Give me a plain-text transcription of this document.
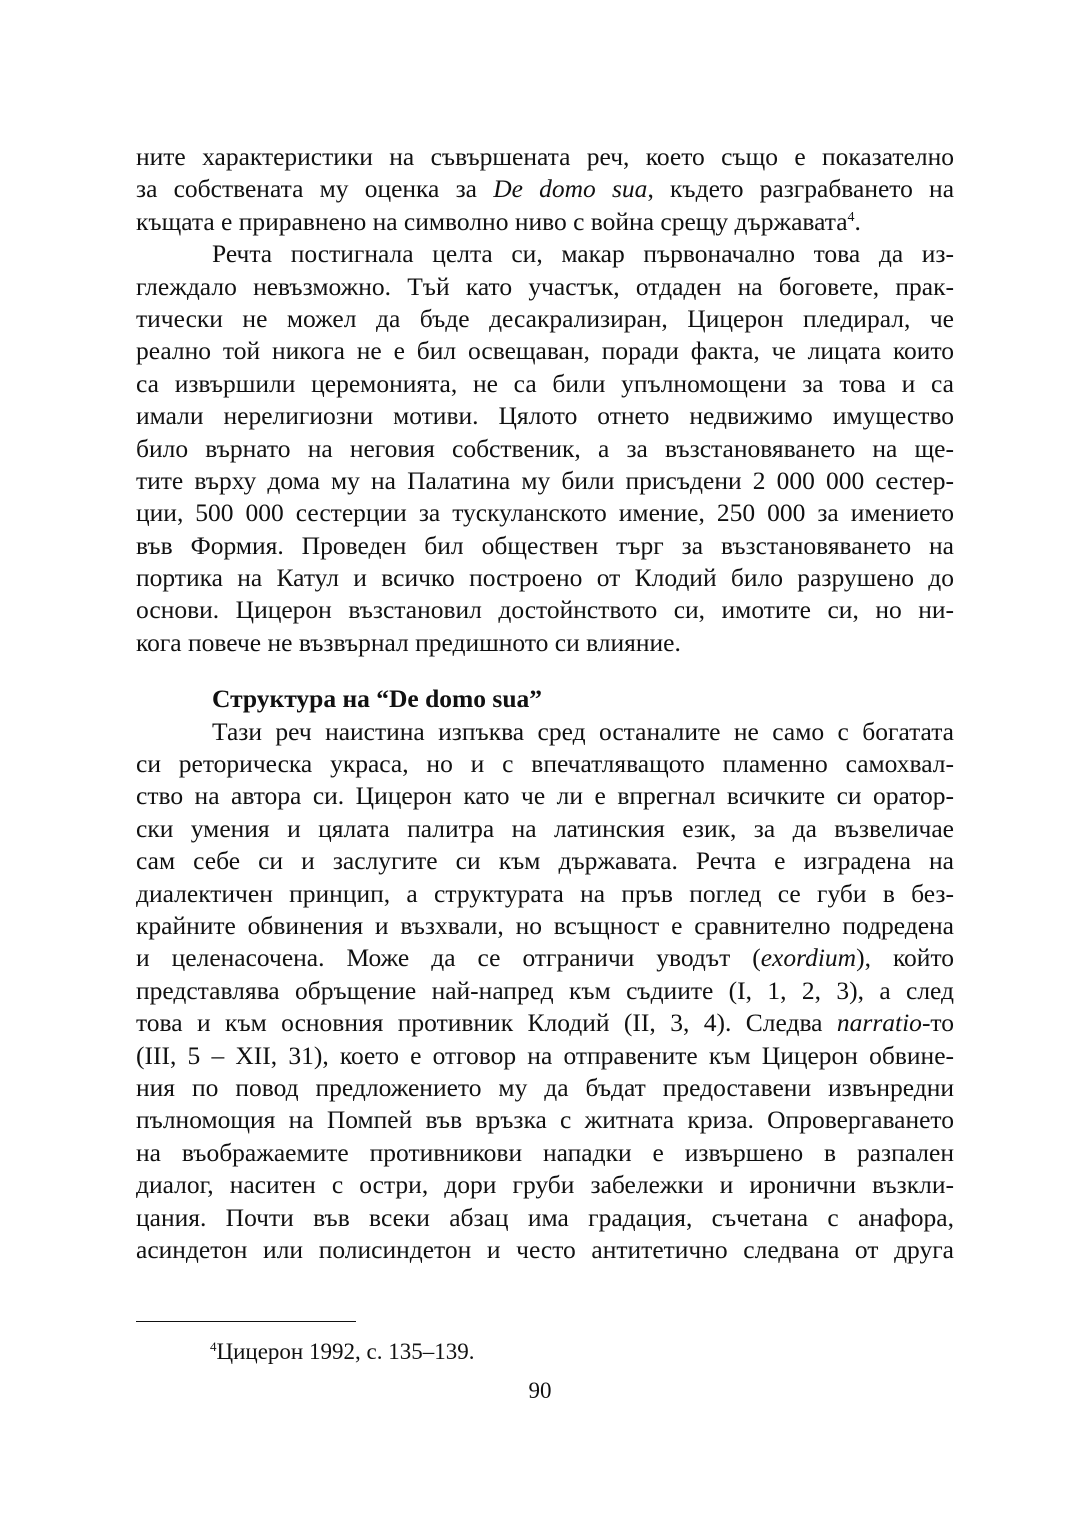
ните характеристики на съвършената реч, което също е показателно
за собствената му оценка за De domo sua, където разграбването на
къщата е приравнено на символно ниво с война срещу държавата$^4$.
Речта постигнала целта си, макар първоначално това да из-
глеждало невъзможно. Тъй като участък, отдаден на боговете, прак-
тически не можел да бъде десакрализиран, Цицерон пледирал, че
реално той никога не е бил освещаван, поради факта, че лицата които
са извършили церемонията, не са били упълномощени за това и са
имали нерелигиозни мотиви. Цялото отнето недвижимо имущество
било върнато на неговия собственик, а за възстановяването на ще-
тите върху дома му на Палатина му били присъдени 2 000 000 сестер-
ции, 500 000 сестерции за тускуланското имение, 250 000 за имението
във Формия. Проведен бил обществен търг за възстановяването на
портика на Катул и всичко построено от Клодий било разрушено до
основи. Цицерон възстановил достойнството си, имотите си, но ни-
кога повече не възвърнал предишното си влияние.
Структура на “De domo sua”
Тази реч наистина изпъква сред останалите не само с богатата
си реторическа украса, но и с впечатляващото пламенно самохвал-
ство на автора си. Цицерон като че ли е впрегнал всичките си оратор-
ски умения и цялата палитра на латинския език, за да възвеличае
сам себе си и заслугите си към държавата. Речта е изградена на
диалектичен принцип, а структурата на пръв поглед се губи в без-
крайните обвинения и възхвали, но всъщност е сравнително подредена
и целенасочена. Може да се отграничи уводът (exordium), който
представлява обръщение най-напред към съдиите (I, 1, 2, 3), а след
това и към основния противник Клодий (II, 3, 4). Следва narratio-то
(III, 5 – XII, 31), което е отговор на отправените към Цицерон обвине-
ния по повод предложението му да бъдат предоставени извънредни
пълномощия на Помпей във връзка с житната криза. Опровергаването
на въображаемите противникови нападки е извършено в разпален
диалог, наситен с остри, дори груби забележки и иронични възкли-
цания. Почти във всеки абзац има градация, съчетана с анафора,
асиндетон или полисиндетон и често антитетично следвана от друга
$^4$Цицерон 1992, с. 135–139.
90
